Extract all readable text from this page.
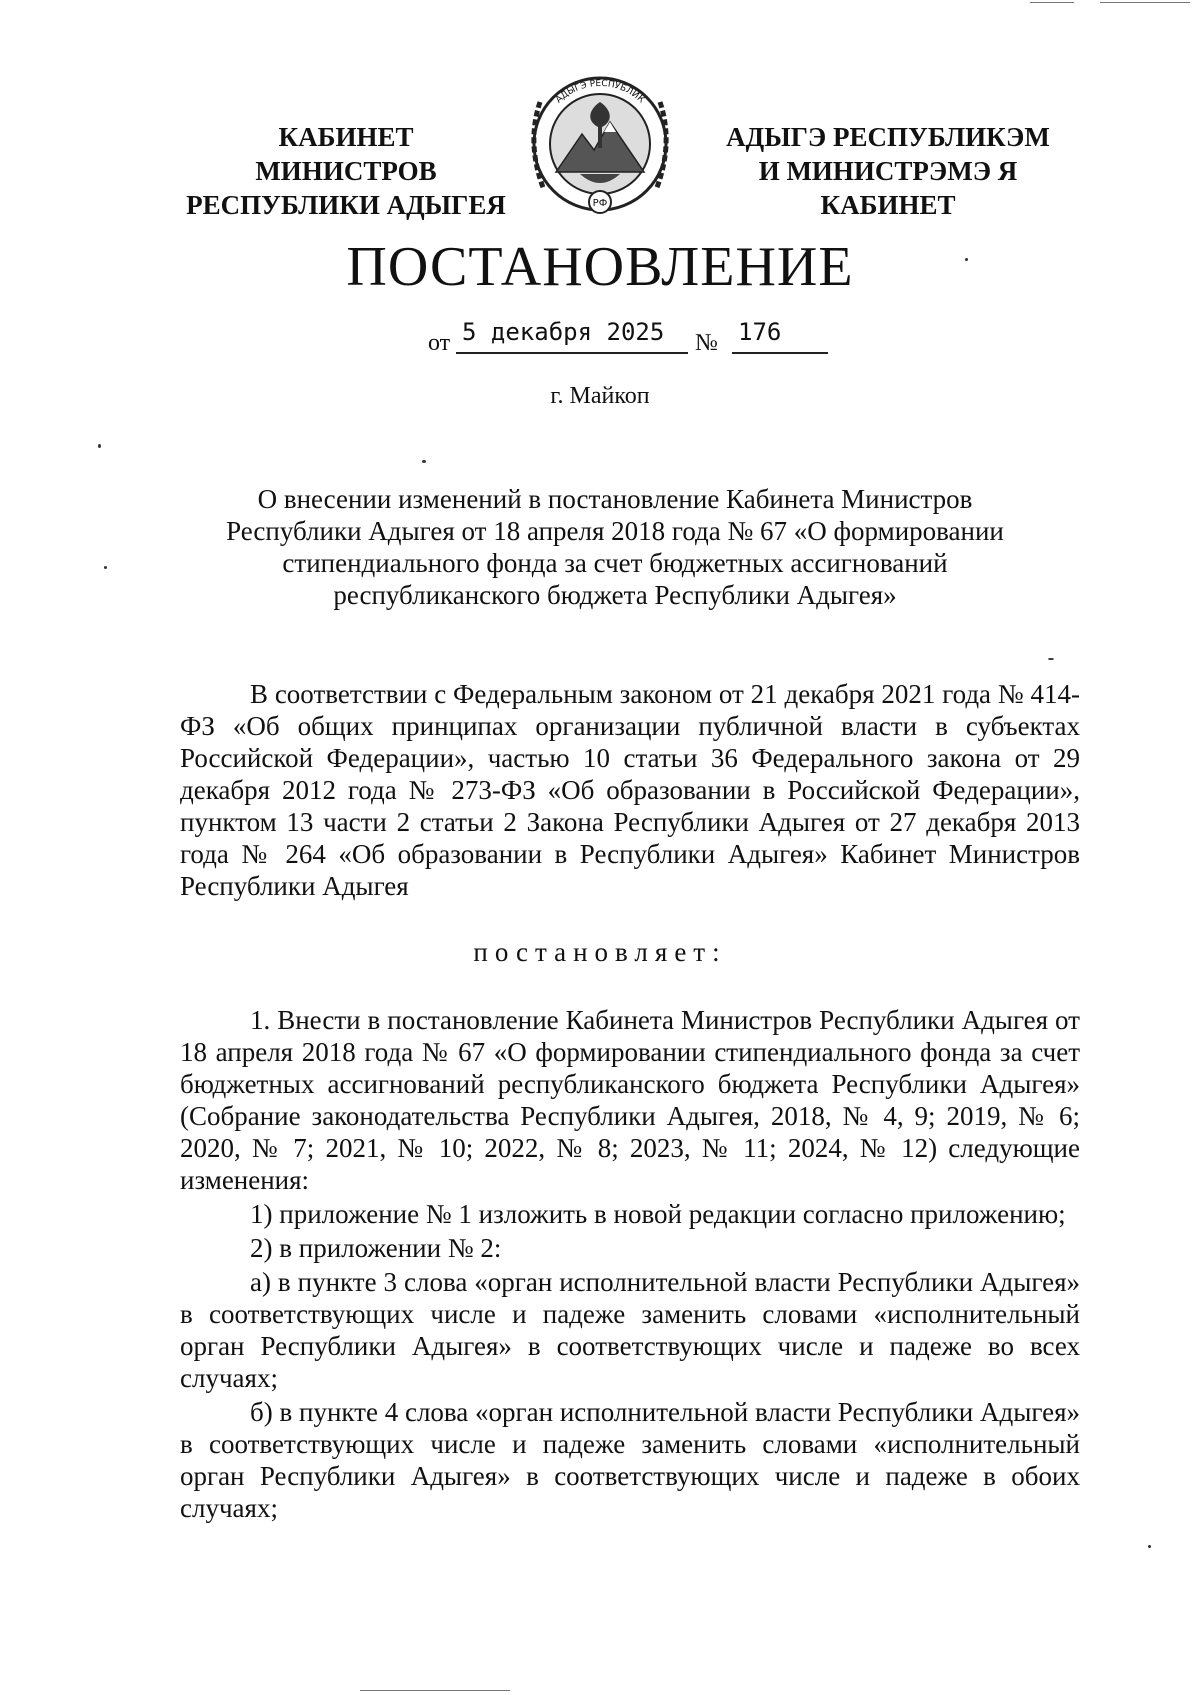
КАБИНЕТ МИНИСТРОВ
РЕСПУБЛИКИ АДЫГЕЯ
АДЫГЭ РЕСПУБЛИК
РФ
АДЫГЭ РЕСПУБЛИКЭМ
И МИНИСТРЭМЭ Я КАБИНЕТ
ПОСТАНОВЛЕНИЕ
от 5 декабря 2025	№ 176
г. Майкоп
О внесении изменений в постановление Кабинета Министров Республики Адыгея от 18 апреля 2018 года № 67 «О формировании стипендиального фонда за счет бюджетных ассигнований республиканского бюджета Республики Адыгея»

В соответствии с Федеральным законом от 21 декабря 2021 года № 414-ФЗ «Об общих принципах организации публичной власти в субъектах Российской Федерации», частью 10 статьи 36 Федерального закона от 29 декабря 2012 года № 273-ФЗ «Об образовании в Российской Федерации», пунктом 13 части 2 статьи 2 Закона Республики Адыгея от 27 декабря 2013 года № 264 «Об образовании в Республики Адыгея» Кабинет Министров Республики Адыгея

постановляет:

1. Внести в постановление Кабинета Министров Республики Адыгея от 18 апреля 2018 года № 67 «О формировании стипендиального фонда за счет бюджетных ассигнований республиканского бюджета Республики Адыгея» (Собрание законодательства Республики Адыгея, 2018, № 4, 9; 2019, № 6; 2020, № 7; 2021, № 10; 2022, № 8; 2023, № 11; 2024, № 12) следующие изменения:

1) приложение № 1 изложить в новой редакции согласно приложению;

2) в приложении № 2:

а) в пункте 3 слова «орган исполнительной власти Республики Адыгея» в соответствующих числе и падеже заменить словами «исполнительный орган Республики Адыгея» в соответствующих числе и падеже во всех случаях;

б) в пункте 4 слова «орган исполнительной власти Республики Адыгея» в соответствующих числе и падеже заменить словами «исполнительный орган Республики Адыгея» в соответствующих числе и падеже в обоих случаях;
